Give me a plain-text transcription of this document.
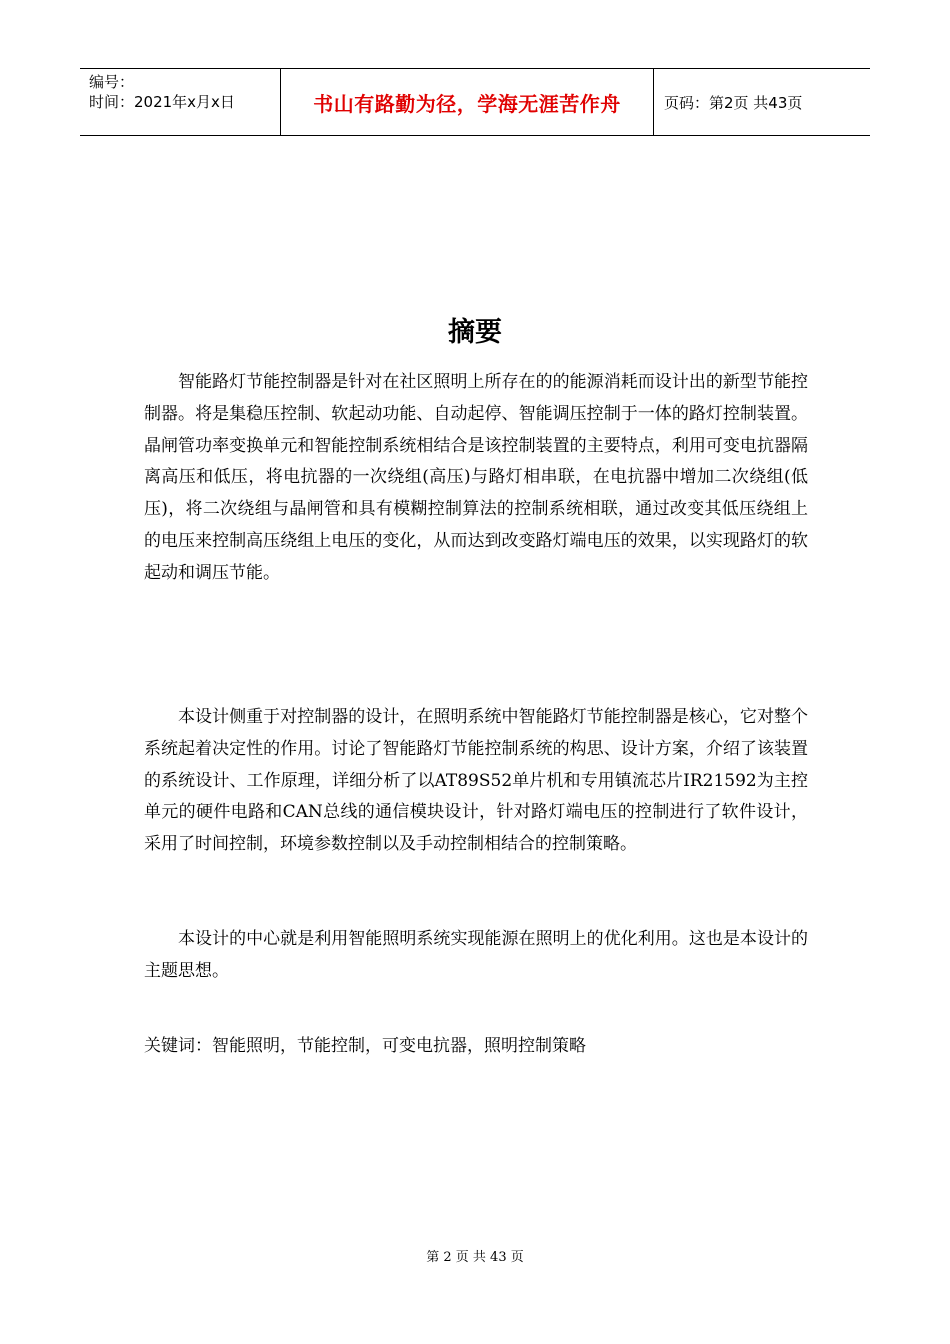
编号：
时间：2021年x月x日	书山有路勤为径，学海无涯苦作舟	页码：第2页 共43页
摘要

智能路灯节能控制器是针对在社区照明上所存在的的能源消耗而设计出的新型节能控制器。将是集稳压控制、软起动功能、自动起停、智能调压控制于一体的路灯控制装置。晶闸管功率变换单元和智能控制系统相结合是该控制装置的主要特点，利用可变电抗器隔离高压和低压，将电抗器的一次绕组(高压)与路灯相串联，在电抗器中增加二次绕组(低压)，将二次绕组与晶闸管和具有模糊控制算法的控制系统相联，通过改变其低压绕组上的电压来控制高压绕组上电压的变化，从而达到改变路灯端电压的效果，以实现路灯的软起动和调压节能。

本设计侧重于对控制器的设计，在照明系统中智能路灯节能控制器是核心，它对整个系统起着决定性的作用。讨论了智能路灯节能控制系统的构思、设计方案，介绍了该装置的系统设计、工作原理，详细分析了以AT89S52单片机和专用镇流芯片IR21592为主控单元的硬件电路和CAN总线的通信模块设计，针对路灯端电压的控制进行了软件设计，采用了时间控制，环境参数控制以及手动控制相结合的控制策略。

本设计的中心就是利用智能照明系统实现能源在照明上的优化利用。这也是本设计的主题思想。

关键词：智能照明，节能控制，可变电抗器，照明控制策略

第 2 页 共 43 页
